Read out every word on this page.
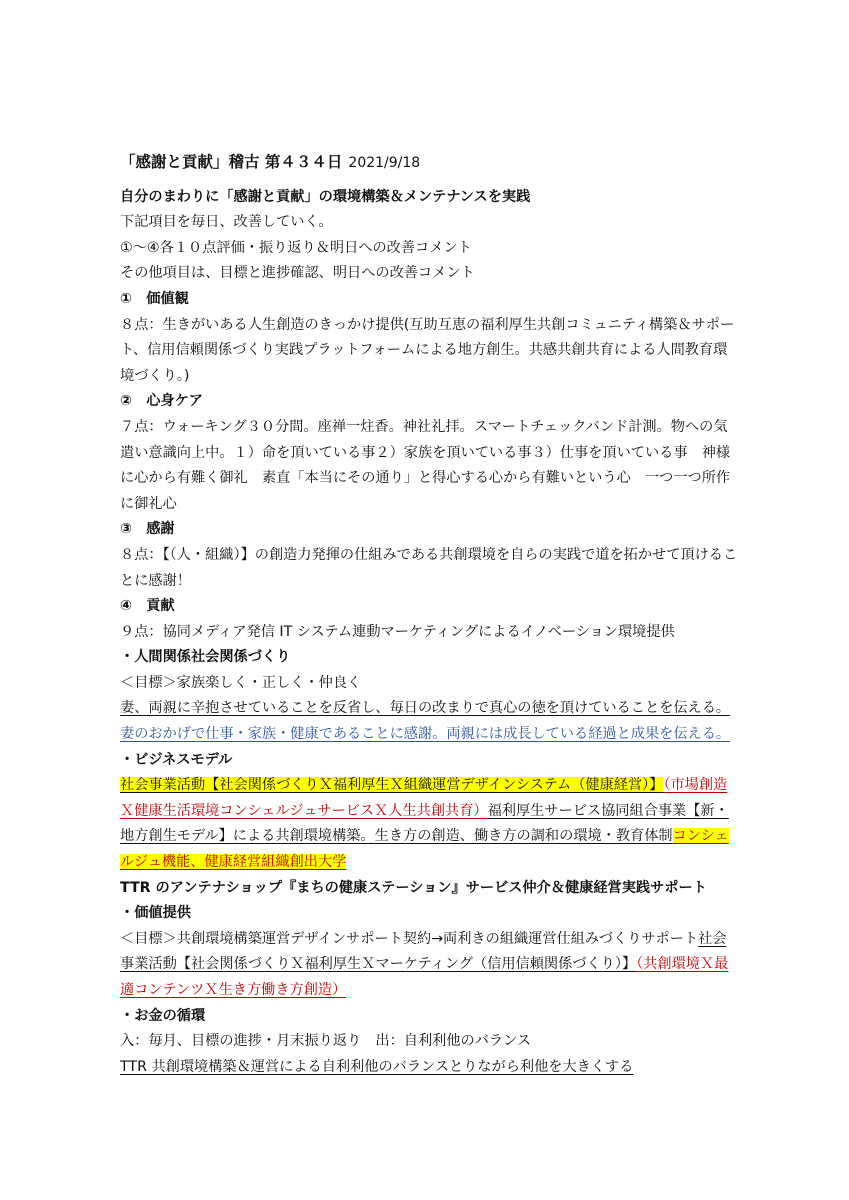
「感謝と貢献」稽古 第４３４日 2021/9/18
自分のまわりに「感謝と貢献」の環境構築＆メンテナンスを実践
下記項目を毎日、改善していく。
①～④各１０点評価・振り返り＆明日への改善コメント
その他項目は、目標と進捗確認、明日への改善コメント
①　価値観
８点：生きがいある人生創造のきっかけ提供(互助互恵の福利厚生共創コミュニティ構築＆サポート、信用信頼関係づくり実践プラットフォームによる地方創生。共感共創共育による人間教育環境づくり。)
②　心身ケア
７点：ウォーキング３０分間。座禅一炷香。神社礼拝。スマートチェックバンド計測。物への気遣い意識向上中。１）命を頂いている事２）家族を頂いている事３）仕事を頂いている事　神様に心から有難く御礼　素直「本当にその通り」と得心する心から有難いという心　一つ一つ所作に御礼心
③　感謝
８点：【（人・組織）】の創造力発揮の仕組みである共創環境を自らの実践で道を拓かせて頂けることに感謝！
④　貢献
９点：協同メディア発信 IT システム連動マーケティングによるイノベーション環境提供
・人間関係社会関係づくり
＜目標＞家族楽しく・正しく・仲良く
妻、両親に辛抱させていることを反省し、毎日の改まりで真心の徳を頂けていることを伝える。妻のおかげで仕事・家族・健康であることに感謝。両親には成長している経過と成果を伝える。
・ビジネスモデル
社会事業活動【社会関係づくりＸ福利厚生Ｘ組織運営デザインシステム（健康経営）】（市場創造Ｘ健康生活環境コンシェルジュサービスＸ人生共創共育）福利厚生サービス協同組合事業【新・地方創生モデル】による共創環境構築。生き方の創造、働き方の調和の環境・教育体制コンシェルジュ機能、健康経営組織創出大学
TTR のアンテナショップ『まちの健康ステーション』サービス仲介＆健康経営実践サポート
・価値提供
＜目標＞共創環境構築運営デザインサポート契約→両利きの組織運営仕組みづくりサポート社会事業活動【社会関係づくりＸ福利厚生Ｘマーケティング（信用信頼関係づくり）】（共創環境Ｘ最適コンテンツＸ生き方働き方創造）
・お金の循環
入：毎月、目標の進捗・月末振り返り　出：自利利他のバランス
TTR 共創環境構築＆運営による自利利他のバランスとりながら利他を大きくする
